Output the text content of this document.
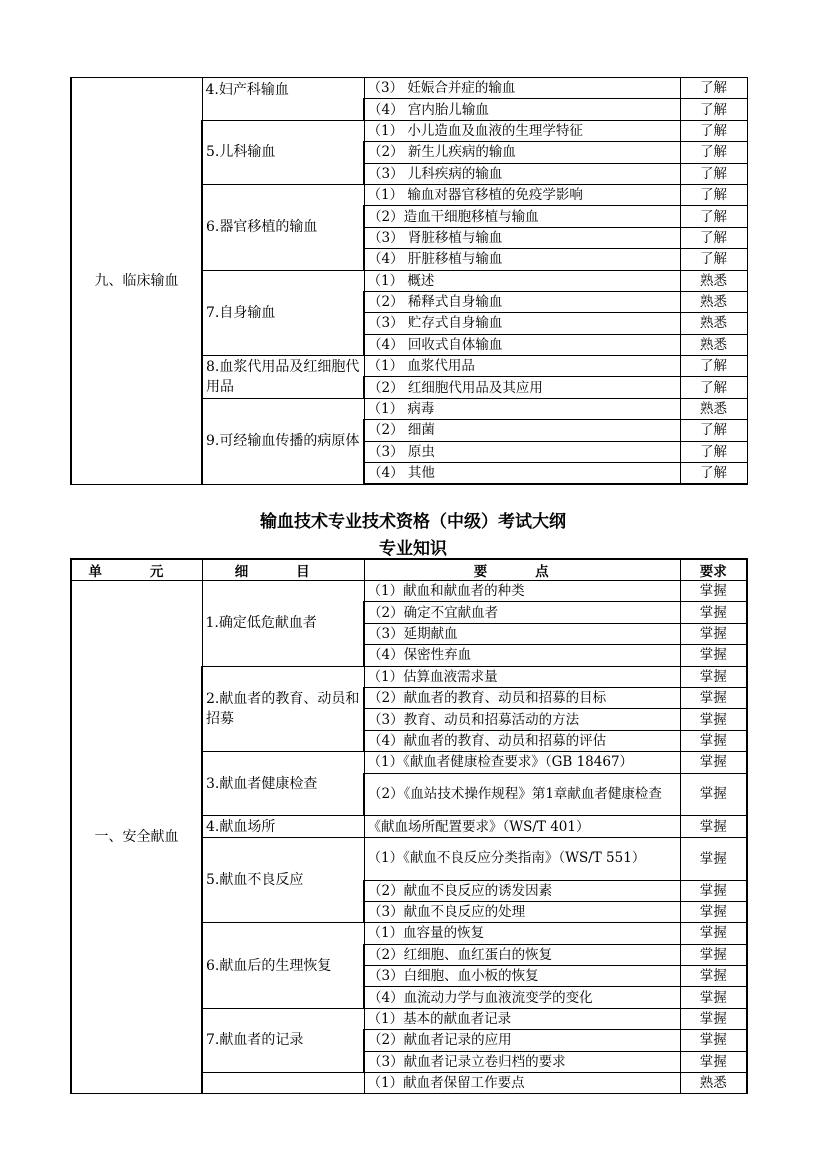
九、临床输血	4.妇产科输血	（3） 妊娠合并症的输血	了解
		（4） 宫内胎儿输血	了解
	5.儿科输血	（1） 小儿造血及血液的生理学特征	了解
		（2） 新生儿疾病的输血	了解
		（3） 儿科疾病的输血	了解
	6.器官移植的输血	（1） 输血对器官移植的免疫学影响	了解
		（2）造血干细胞移植与输血	了解
		（3） 肾脏移植与输血	了解
		（4） 肝脏移植与输血	了解
	7.自身输血	（1） 概述	熟悉
		（2） 稀释式自身输血	熟悉
		（3） 贮存式自身输血	熟悉
		（4） 回收式自体输血	熟悉
	8.血浆代用品及红细胞代用品	（1） 血浆代用品	了解
		（2） 红细胞代用品及其应用	了解
	9.可经输血传播的病原体	（1） 病毒	熟悉
		（2） 细菌	了解
		（3） 原虫	了解
		（4） 其他	了解
输血技术专业技术资格（中级）考试大纲
专业知识
单 元	细 目	要 点	要求
一、安全献血	1.确定低危献血者	（1）献血和献血者的种类	掌握
		（2）确定不宜献血者	掌握
		（3）延期献血	掌握
		（4）保密性弃血	掌握
	2.献血者的教育、动员和招募	（1）估算血液需求量	掌握
		（2）献血者的教育、动员和招募的目标	掌握
		（3）教育、动员和招募活动的方法	掌握
		（4）献血者的教育、动员和招募的评估	掌握
	3.献血者健康检查	（1）《献血者健康检查要求》（GB 18467）	掌握
		（2）《血站技术操作规程》第1章献血者健康检查	掌握
	4.献血场所	《献血场所配置要求》（WS/T 401）	掌握
	5.献血不良反应	（1）《献血不良反应分类指南》（WS/T 551）	掌握
		（2）献血不良反应的诱发因素	掌握
		（3）献血不良反应的处理	掌握
	6.献血后的生理恢复	（1）血容量的恢复	掌握
		（2）红细胞、血红蛋白的恢复	掌握
		（3）白细胞、血小板的恢复	掌握
		（4）血流动力学与血液流变学的变化	掌握
	7.献血者的记录	（1）基本的献血者记录	掌握
		（2）献血者记录的应用	掌握
		（3）献血者记录立卷归档的要求	掌握
		（1）献血者保留工作要点	熟悉
